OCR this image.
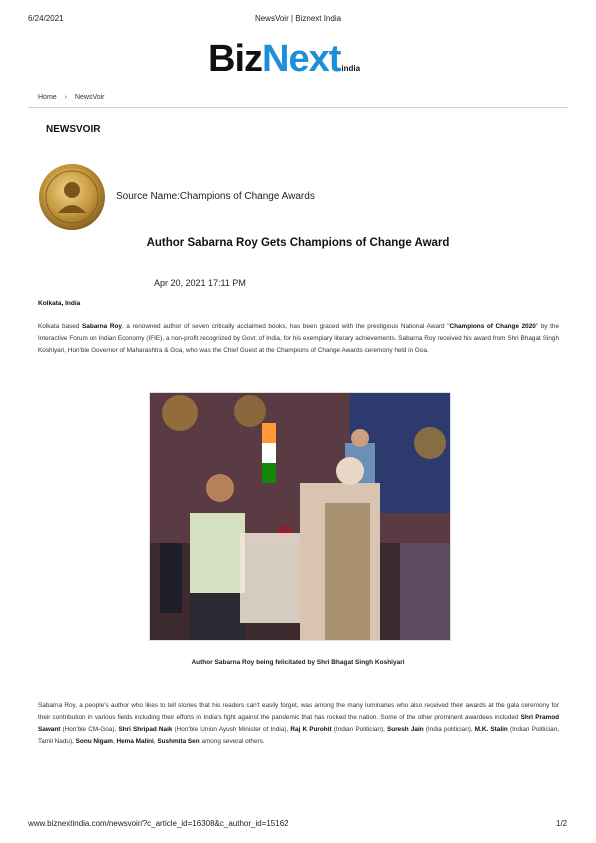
6/24/2021	NewsVoir | Biznext India
BizNextindia
Home › NewsVoir
NEWSVOIR
Source Name:Champions of Change Awards
Author Sabarna Roy Gets Champions of Change Award
Apr 20, 2021 17:11 PM
Kolkata, India
Kolkata based Sabarna Roy, a renowned author of seven critically acclaimed books, has been graced with the prestigious National Award "Champions of Change 2020" by the Interactive Forum on Indian Economy (IFIE), a non-profit recognized by Govt. of India, for his exemplary literary achievements. Sabarna Roy received his award from Shri Bhagat Singh Koshiyari, Hon'ble Governor of Maharashtra & Goa, who was the Chief Guest at the Champions of Change Awards ceremony held in Goa.
Author Sabarna Roy being felicitated by Shri Bhagat Singh Koshiyari
Sabarna Roy, a people's author who likes to tell stories that his readers can't easily forget, was among the many luminaries who also received their awards at the gala ceremony for their contribution in various fields including their efforts in India's fight against the pandemic that has rocked the nation. Some of the other prominent awardees included Shri Pramod Sawant (Hon'ble CM-Goa), Shri Shripad Naik (Hon'ble Union Ayush Minister of India), Raj K Purohit (Indian Politician), Suresh Jain (India politician), M.K. Stalin (Indian Politician, Tamil Nadu), Sonu Nigam, Hema Malini, Sushmita Sen among several others.
www.biznextindia.com/newsvoir/?c_article_id=16308&c_author_id=15162	1/2
